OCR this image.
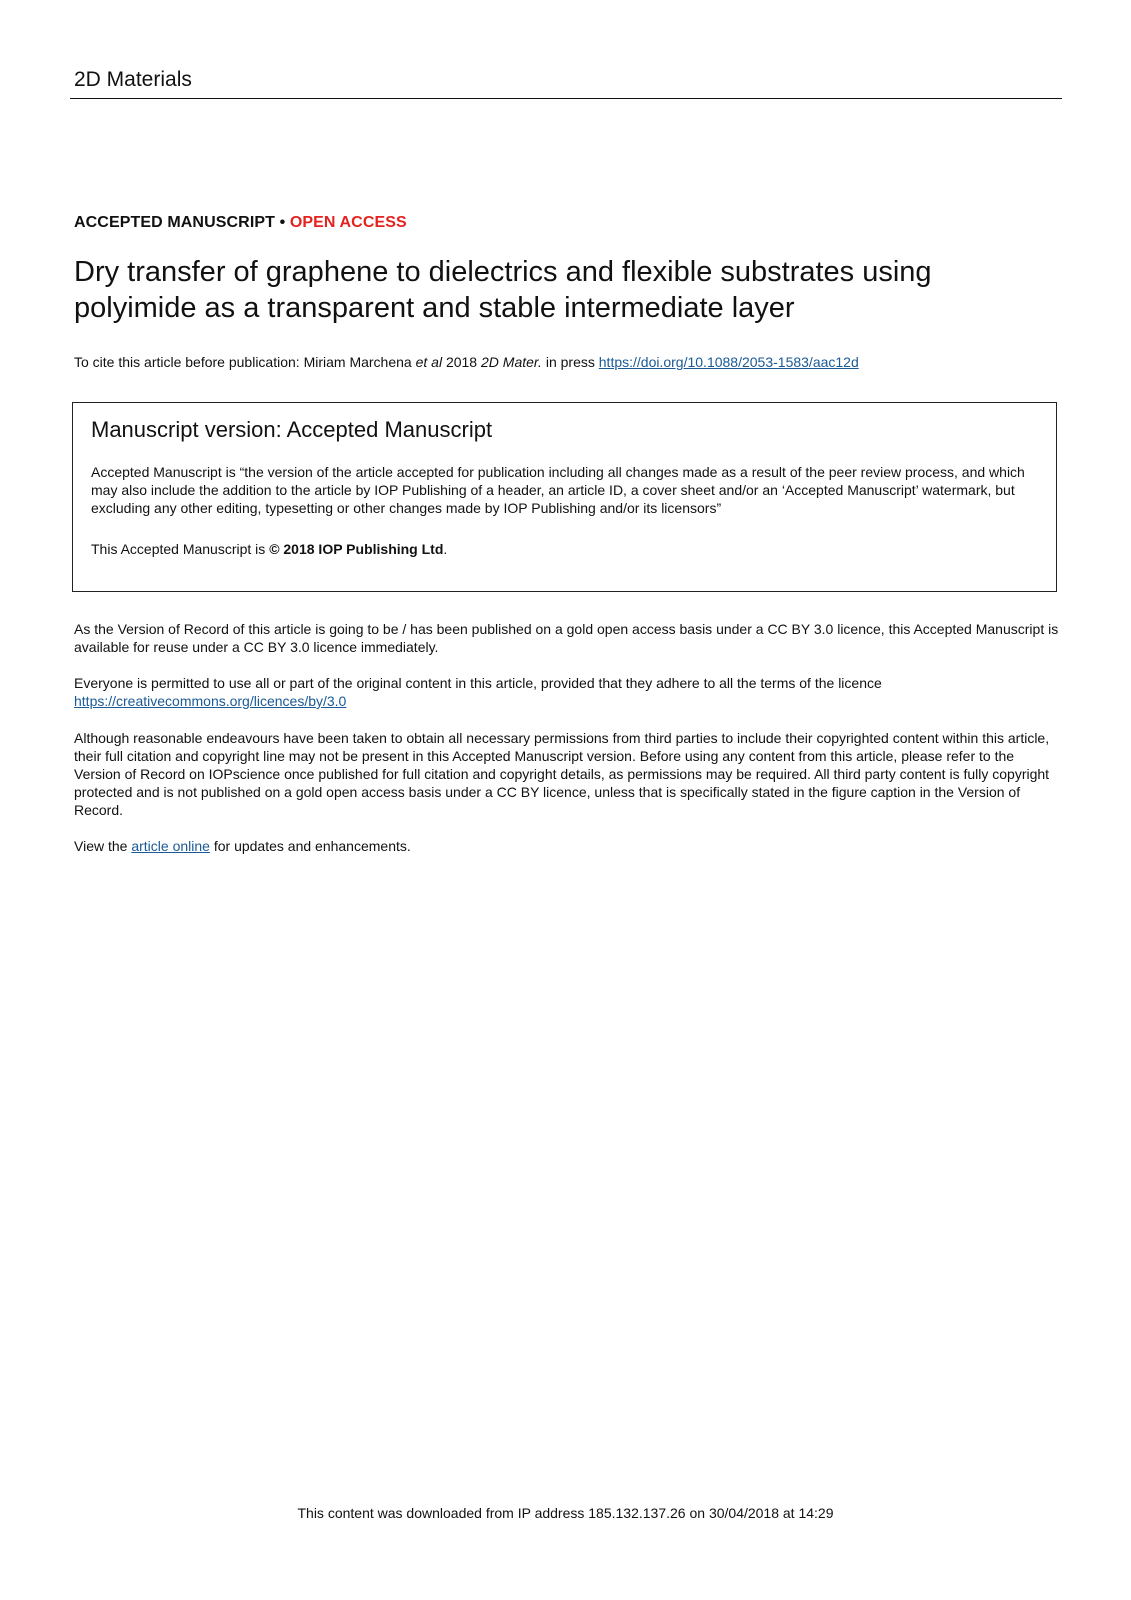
2D Materials
ACCEPTED MANUSCRIPT • OPEN ACCESS
Dry transfer of graphene to dielectrics and flexible substrates using
polyimide as a transparent and stable intermediate layer
To cite this article before publication: Miriam Marchena et al 2018 2D Mater. in press https://doi.org/10.1088/2053-1583/aac12d
Manuscript version: Accepted Manuscript

Accepted Manuscript is “the version of the article accepted for publication including all changes made as a result of the peer review process, and which may also include the addition to the article by IOP Publishing of a header, an article ID, a cover sheet and/or an ‘Accepted Manuscript’ watermark, but excluding any other editing, typesetting or other changes made by IOP Publishing and/or its licensors”

This Accepted Manuscript is © 2018 IOP Publishing Ltd.

As the Version of Record of this article is going to be / has been published on a gold open access basis under a CC BY 3.0 licence, this Accepted Manuscript is available for reuse under a CC BY 3.0 licence immediately.

Everyone is permitted to use all or part of the original content in this article, provided that they adhere to all the terms of the licence
https://creativecommons.org/licences/by/3.0

Although reasonable endeavours have been taken to obtain all necessary permissions from third parties to include their copyrighted content within this article, their full citation and copyright line may not be present in this Accepted Manuscript version. Before using any content from this article, please refer to the Version of Record on IOPscience once published for full citation and copyright details, as permissions may be required. All third party content is fully copyright protected and is not published on a gold open access basis under a CC BY licence, unless that is specifically stated in the figure caption in the Version of Record.

View the article online for updates and enhancements.
This content was downloaded from IP address 185.132.137.26 on 30/04/2018 at 14:29
